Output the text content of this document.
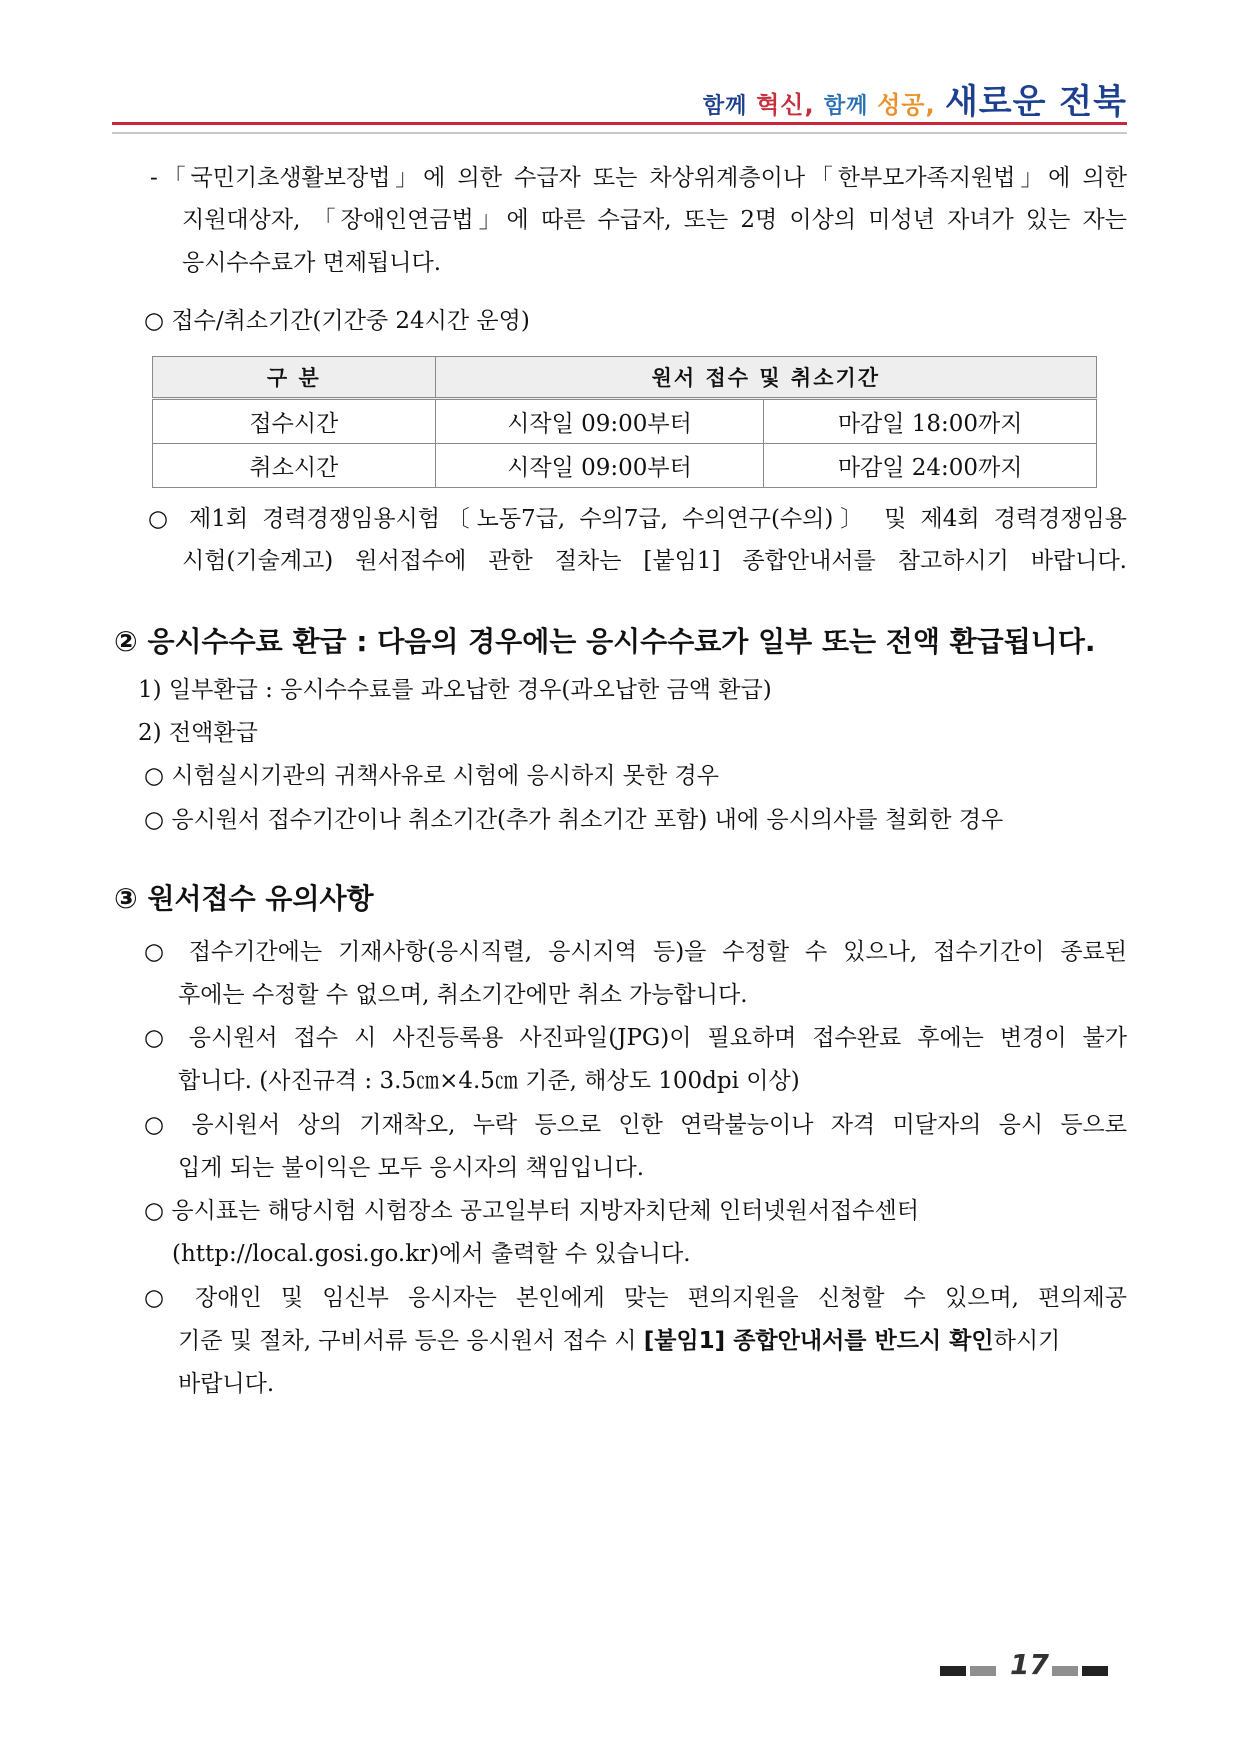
함께 혁신, 함께 성공, 새로운 전북
-「국민기초생활보장법」에 의한 수급자 또는 차상위계층이나「한부모가족지원법」에 의한
지원대상자, 「장애인연금법」에 따른 수급자, 또는 2명 이상의 미성년 자녀가 있는 자는
응시수수료가 면제됩니다.
○ 접수/취소기간(기간중 24시간 운영)
구 분	원서 접수 및 취소기간	
접수시간	시작일 09:00부터	마감일 18:00까지
취소시간	시작일 09:00부터	마감일 24:00까지
○ 제1회 경력경쟁임용시험〔노동7급, 수의7급, 수의연구(수의)〕 및 제4회 경력경쟁임용
시험(기술계고) 원서접수에 관한 절차는 [붙임1] 종합안내서를 참고하시기 바랍니다.
② 응시수수료 환급 : 다음의 경우에는 응시수수료가 일부 또는 전액 환급됩니다.
1) 일부환급 : 응시수수료를 과오납한 경우(과오납한 금액 환급)
2) 전액환급
○ 시험실시기관의 귀책사유로 시험에 응시하지 못한 경우
○ 응시원서 접수기간이나 취소기간(추가 취소기간 포함) 내에 응시의사를 철회한 경우
③ 원서접수 유의사항
○ 접수기간에는 기재사항(응시직렬, 응시지역 등)을 수정할 수 있으나, 접수기간이 종료된
후에는 수정할 수 없으며, 취소기간에만 취소 가능합니다.
○ 응시원서 접수 시 사진등록용 사진파일(JPG)이 필요하며 접수완료 후에는 변경이 불가
합니다. (사진규격 : 3.5㎝×4.5㎝ 기준, 해상도 100dpi 이상)
○ 응시원서 상의 기재착오, 누락 등으로 인한 연락불능이나 자격 미달자의 응시 등으로
입게 되는 불이익은 모두 응시자의 책임입니다.
○ 응시표는 해당시험 시험장소 공고일부터 지방자치단체 인터넷원서접수센터
(http://local.gosi.go.kr)에서 출력할 수 있습니다.
○ 장애인 및 임신부 응시자는 본인에게 맞는 편의지원을 신청할 수 있으며, 편의제공
기준 및 절차, 구비서류 등은 응시원서 접수 시 [붙임1] 종합안내서를 반드시 확인하시기
바랍니다.
17
